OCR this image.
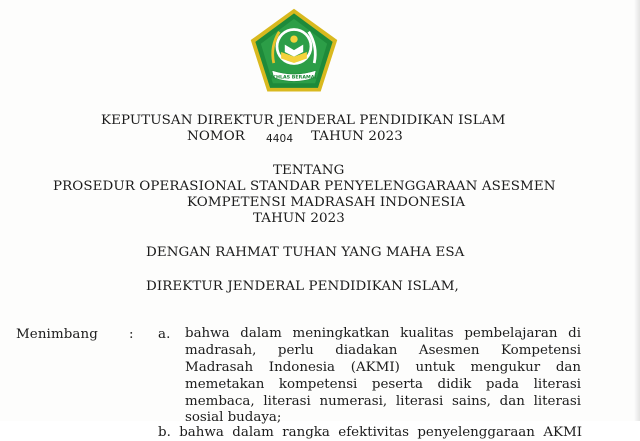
IKHLAS BERAMAL
KEPUTUSAN DIREKTUR JENDERAL PENDIDIKAN ISLAM
NOMOR 4404 TAHUN 2023
TENTANG
PROSEDUR OPERASIONAL STANDAR PENYELENGGARAAN ASESMEN
KOMPETENSI MADRASAH INDONESIA
TAHUN 2023
DENGAN RAHMAT TUHAN YANG MAHA ESA
DIREKTUR JENDERAL PENDIDIKAN ISLAM,
Menimbang : a. bahwa dalam meningkatkan kualitas pembelajaran di
madrasah, perlu diadakan Asesmen Kompetensi
Madrasah Indonesia (AKMI) untuk mengukur dan
memetakan kompetensi peserta didik pada literasi
membaca, literasi numerasi, literasi sains, dan literasi
sosial budaya;
b. bahwa dalam rangka efektivitas penyelenggaraan AKMI
